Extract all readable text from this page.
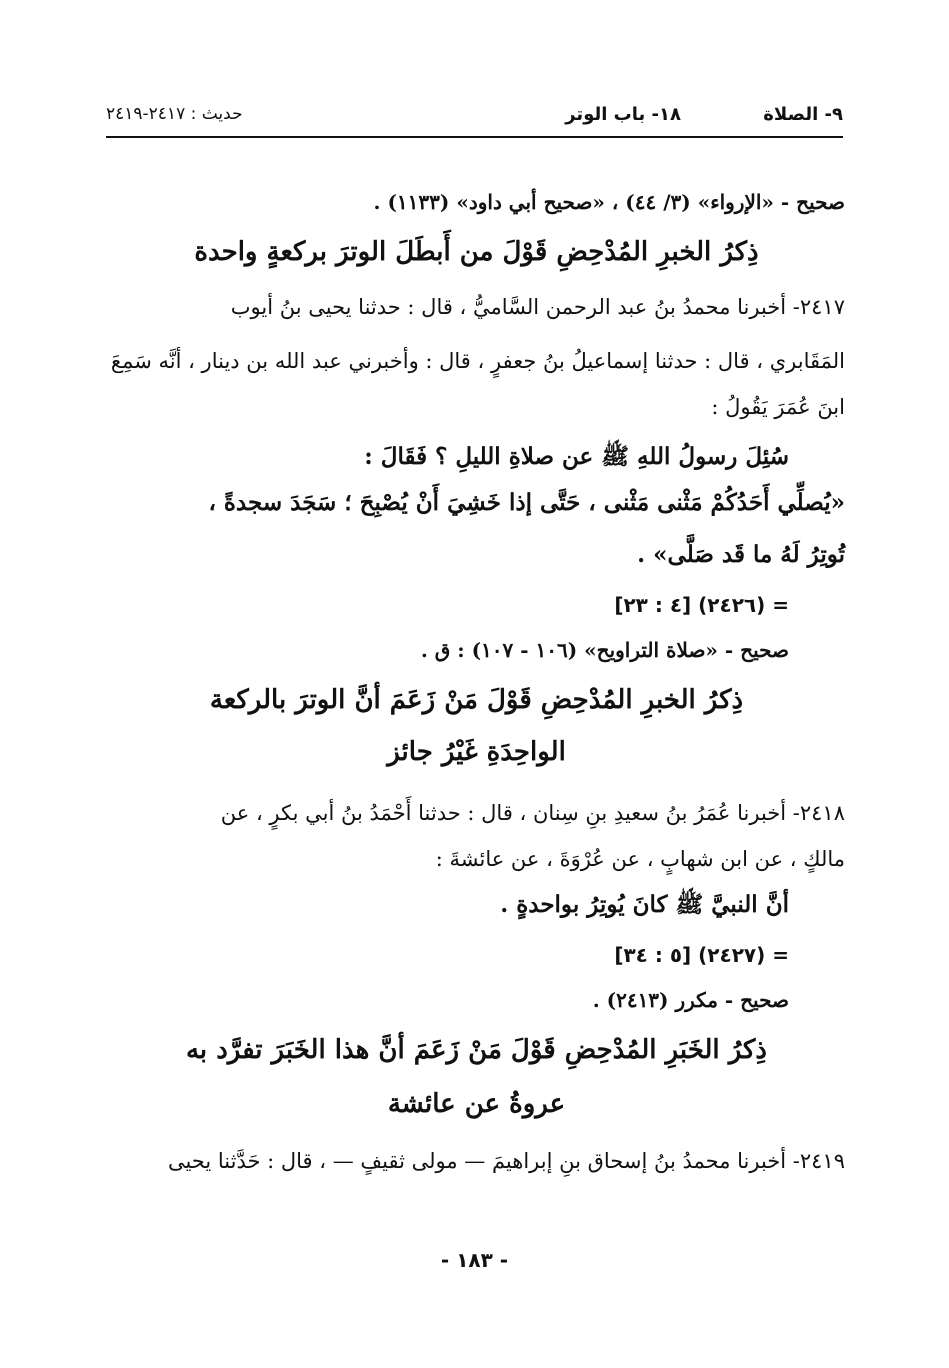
٩- الصلاة
١٨- باب الوتر
حديث : ٢٤١٧-٢٤١٩

صحيح - «الإرواء» (٣/ ٤٤) ، «صحيح أبي داود» (١١٣٣) .

ذِكرُ الخبرِ المُدْحِضِ قَوْلَ من أَبطَلَ الوترَ بركعةٍ واحدة

٢٤١٧- أخبرنا محمدُ بنُ عبد الرحمن السَّاميُّ ، قال : حدثنا يحيى بنُ أيوب

المَقَابري ، قال : حدثنا إسماعيلُ بنُ جعفرٍ ، قال : وأخبرني عبد الله بن دينار ، أنَّه سَمِعَ

ابنَ عُمَرَ يَقُولُ :

سُئِلَ رسولُ اللهِ ﷺ عن صلاةِ الليلِ ؟ فَقَالَ :

«يُصلِّي أَحَدُكُمْ مَثْنى مَثْنى ، حَتَّى إذا خَشِيَ أَنْ يُصْبِحَ ؛ سَجَدَ سجدةً ،

تُوتِرُ لَهُ ما قَد صَلَّى» .

= (٢٤٢٦) [٤ : ٢٣]

صحيح - «صلاة التراويح» (١٠٦ - ١٠٧) : ق .

ذِكرُ الخبرِ المُدْحِضِ قَوْلَ مَنْ زَعَمَ أنَّ الوترَ بالركعة

الواحِدَةِ غَيْرُ جائز

٢٤١٨- أخبرنا عُمَرُ بنُ سعيدِ بنِ سِنان ، قال : حدثنا أَحْمَدُ بنُ أبي بكرٍ ، عن

مالكٍ ، عن ابن شهابٍ ، عن عُرْوَةَ ، عن عائشةَ :

أنَّ النبيَّ ﷺ كانَ يُوتِرُ بواحدةٍ .

= (٢٤٢٧) [٥ : ٣٤]

صحيح - مكرر (٢٤١٣) .

ذِكرُ الخَبَرِ المُدْحِضِ قَوْلَ مَنْ زَعَمَ أنَّ هذا الخَبَرَ تفرَّد به

عروةُ عن عائشة

٢٤١٩- أخبرنا محمدُ بنُ إسحاق بنِ إبراهيمَ — مولى ثقيفٍ — ، قال : حَدَّثنا يحيى

- ١٨٣ -
